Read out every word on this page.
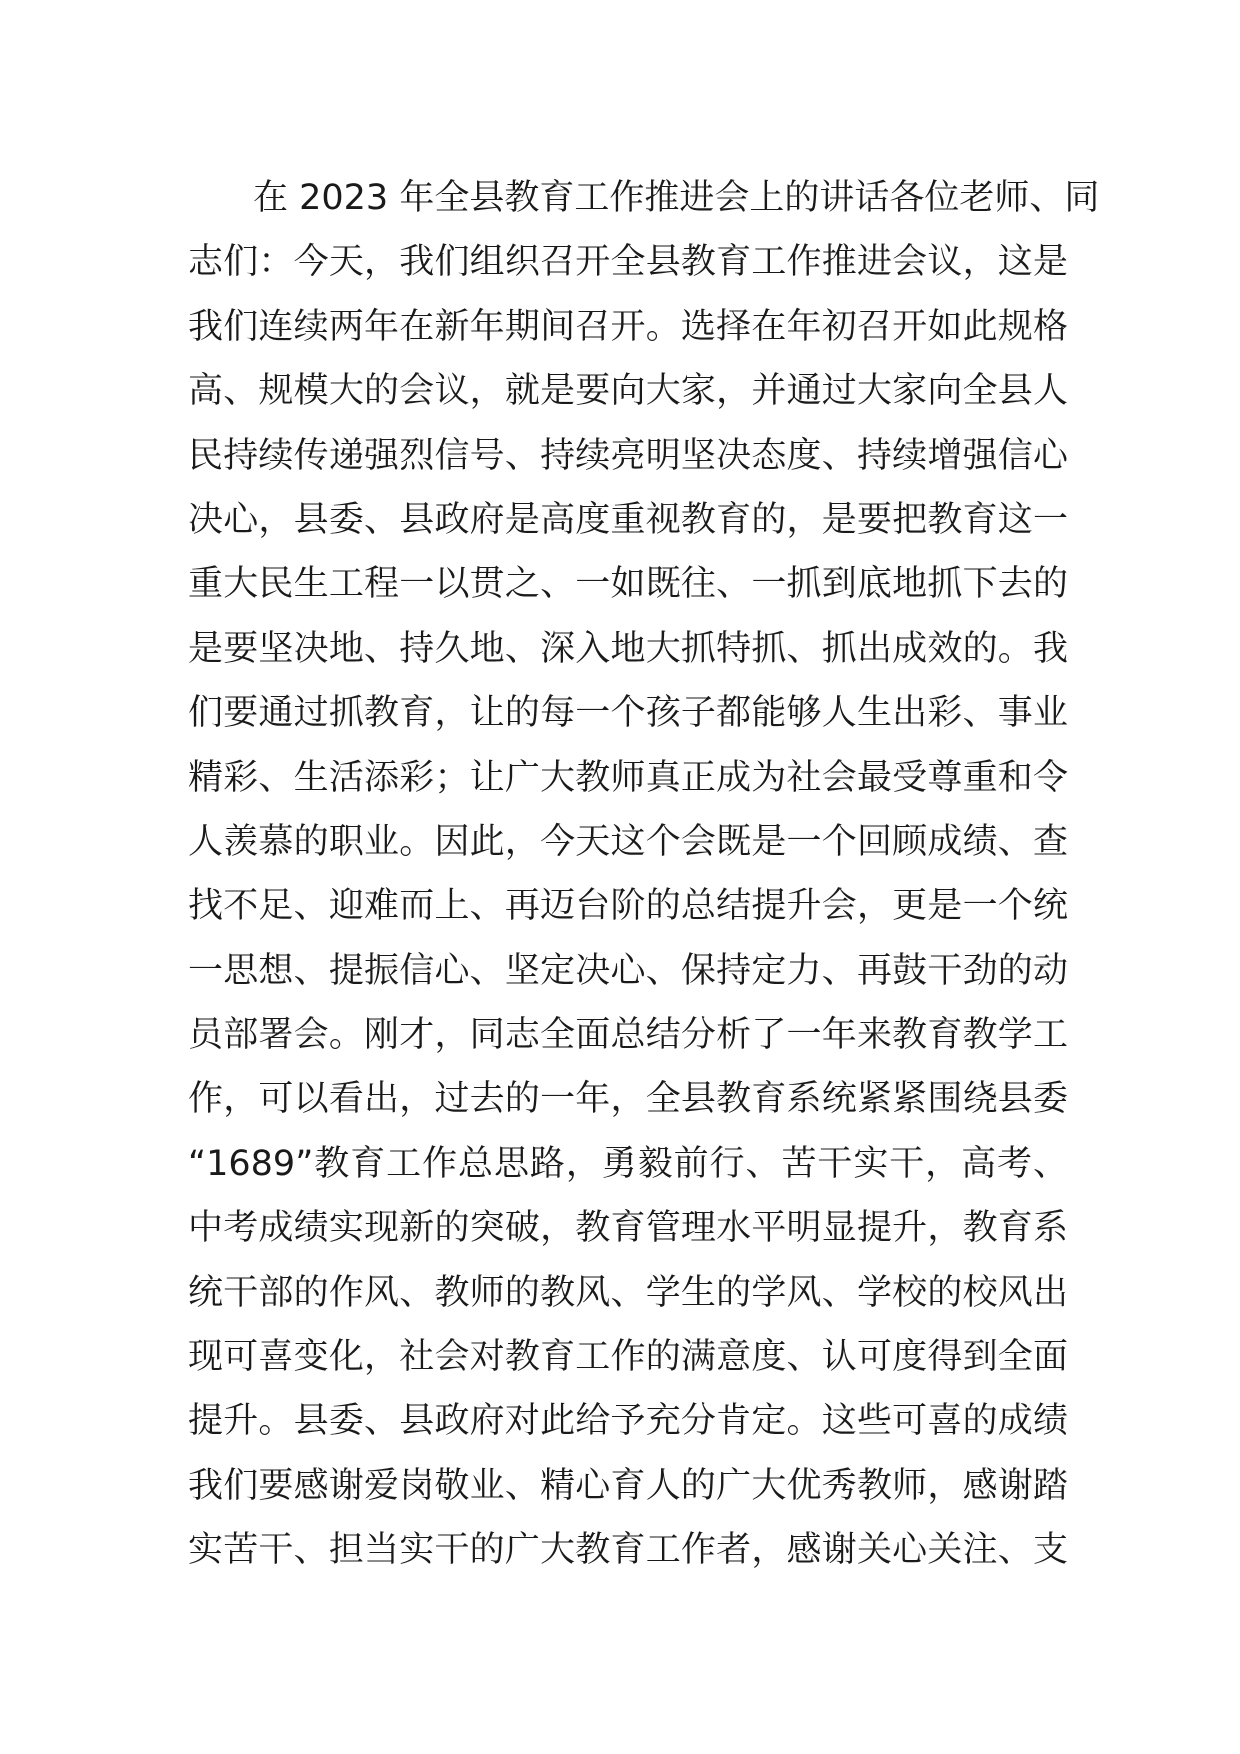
在 2023 年全县教育工作推进会上的讲话各位老师、同
志们：今天，我们组织召开全县教育工作推进会议，这是
我们连续两年在新年期间召开。选择在年初召开如此规格
高、规模大的会议，就是要向大家，并通过大家向全县人
民持续传递强烈信号、持续亮明坚决态度、持续增强信心
决心，县委、县政府是高度重视教育的，是要把教育这一
重大民生工程一以贯之、一如既往、一抓到底地抓下去的
是要坚决地、持久地、深入地大抓特抓、抓出成效的。我
们要通过抓教育，让的每一个孩子都能够人生出彩、事业
精彩、生活添彩；让广大教师真正成为社会最受尊重和令
人羡慕的职业。因此，今天这个会既是一个回顾成绩、查
找不足、迎难而上、再迈台阶的总结提升会，更是一个统
一思想、提振信心、坚定决心、保持定力、再鼓干劲的动
员部署会。刚才，同志全面总结分析了一年来教育教学工
作，可以看出，过去的一年，全县教育系统紧紧围绕县委
“1689”教育工作总思路，勇毅前行、苦干实干，高考、
中考成绩实现新的突破，教育管理水平明显提升，教育系
统干部的作风、教师的教风、学生的学风、学校的校风出
现可喜变化，社会对教育工作的满意度、认可度得到全面
提升。县委、县政府对此给予充分肯定。这些可喜的成绩
我们要感谢爱岗敬业、精心育人的广大优秀教师，感谢踏
实苦干、担当实干的广大教育工作者，感谢关心关注、支
